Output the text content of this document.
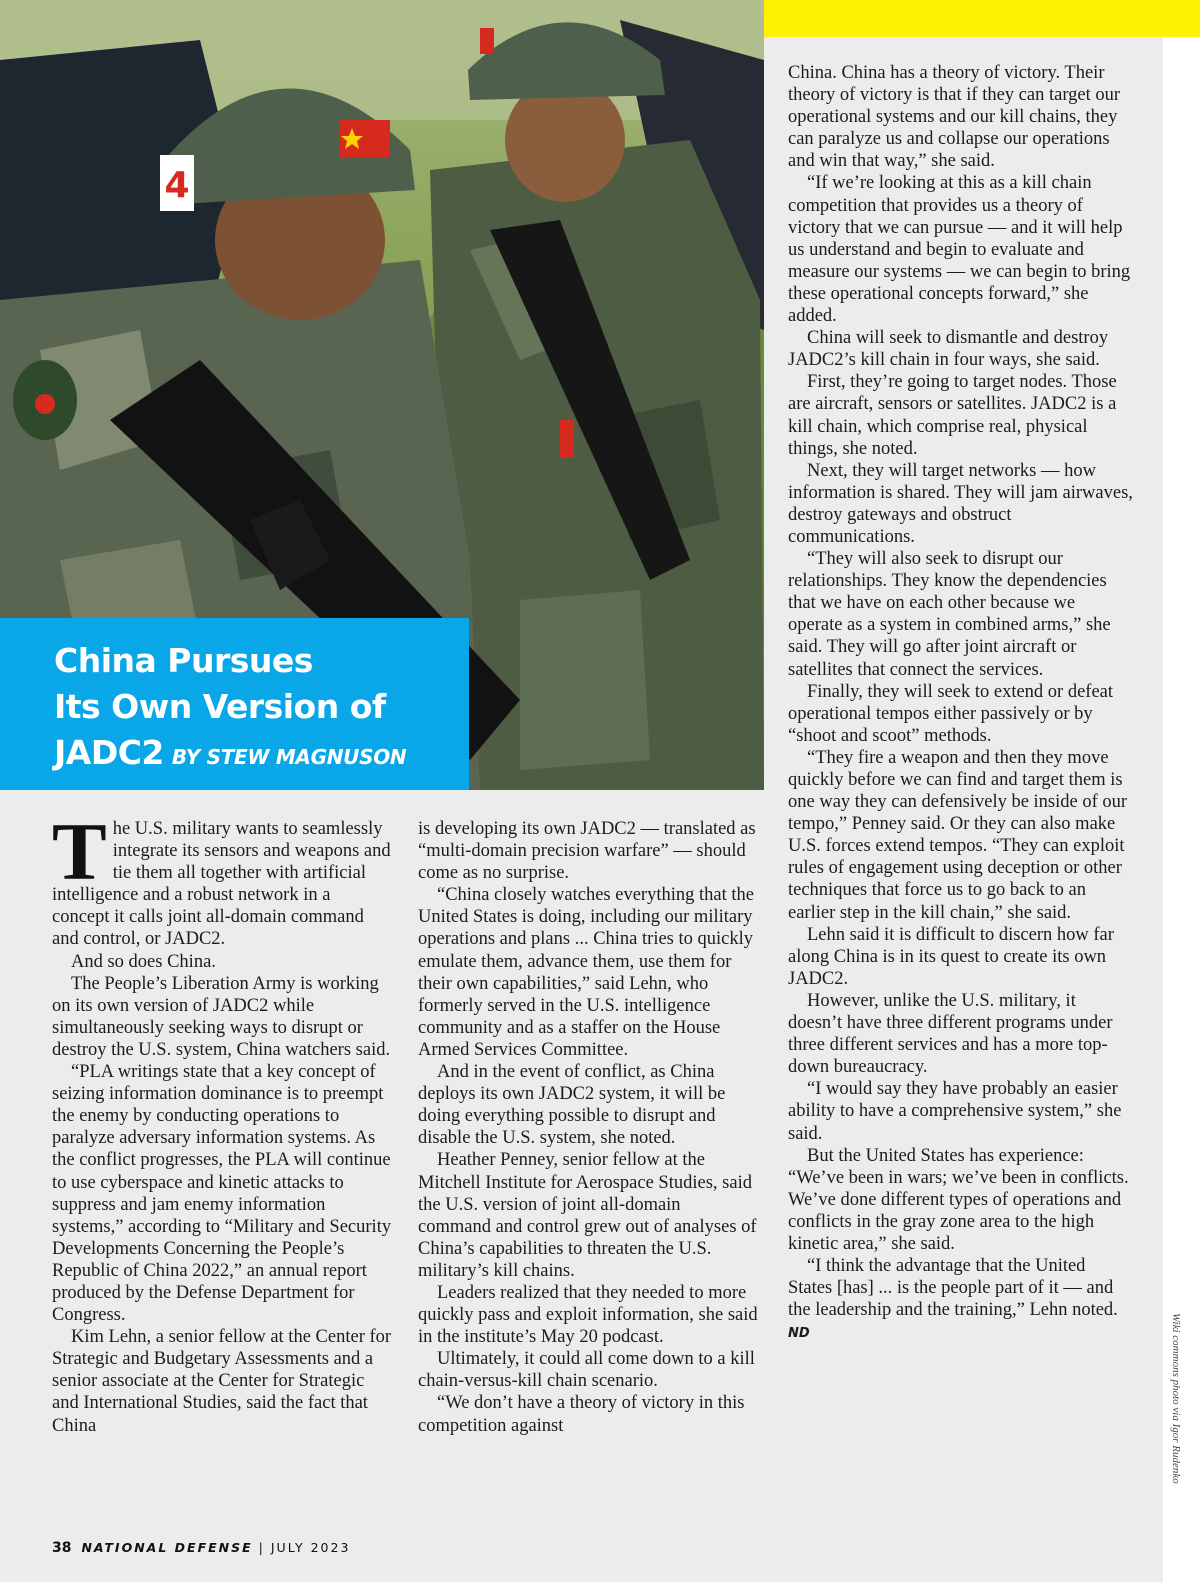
4
China Pursues
Its Own Version of
JADC2 BY STEW MAGNUSON

The U.S. military wants to seamlessly integrate its sensors and weapons and tie them all together with artificial intelligence and a robust network in a concept it calls joint all-domain command and control, or JADC2.

And so does China.

The People’s Liberation Army is working on its own version of JADC2 while simultaneously seeking ways to disrupt or destroy the U.S. system, China watchers said.

“PLA writings state that a key concept of seizing information dominance is to preempt the enemy by conducting operations to paralyze adversary information systems. As the conflict progresses, the PLA will continue to use cyberspace and kinetic attacks to suppress and jam enemy information systems,” according to “Military and Security Developments Concerning the People’s Republic of China 2022,” an annual report produced by the Defense Department for Congress.

Kim Lehn, a senior fellow at the Center for Strategic and Budgetary Assessments and a senior associate at the Center for Strategic and International Studies, said the fact that China

is developing its own JADC2 — translated as “multi-domain precision warfare” — should come as no surprise.

“China closely watches everything that the United States is doing, including our military operations and plans ... China tries to quickly emulate them, advance them, use them for their own capabilities,” said Lehn, who formerly served in the U.S. intelligence community and as a staffer on the House Armed Services Committee.

And in the event of conflict, as China deploys its own JADC2 system, it will be doing everything possible to disrupt and disable the U.S. system, she noted.

Heather Penney, senior fellow at the Mitchell Institute for Aerospace Studies, said the U.S. version of joint all-domain command and control grew out of analyses of China’s capabilities to threaten the U.S. military’s kill chains.

Leaders realized that they needed to more quickly pass and exploit information, she said in the institute’s May 20 podcast.

Ultimately, it could all come down to a kill chain-versus-kill chain scenario.

“We don’t have a theory of victory in this competition against

China. China has a theory of victory. Their theory of victory is that if they can target our operational systems and our kill chains, they can paralyze us and collapse our operations and win that way,” she said.

“If we’re looking at this as a kill chain competition that provides us a theory of victory that we can pursue — and it will help us understand and begin to evaluate and measure our systems — we can begin to bring these operational concepts forward,” she added.

China will seek to dismantle and destroy JADC2’s kill chain in four ways, she said.

First, they’re going to target nodes. Those are aircraft, sensors or satellites. JADC2 is a kill chain, which comprise real, physical things, she noted.

Next, they will target networks — how information is shared. They will jam airwaves, destroy gateways and obstruct communications.

“They will also seek to disrupt our relationships. They know the dependencies that we have on each other because we operate as a system in combined arms,” she said. They will go after joint aircraft or satellites that connect the services.

Finally, they will seek to extend or defeat operational tempos either passively or by “shoot and scoot” methods.

“They fire a weapon and then they move quickly before we can find and target them is one way they can defensively be inside of our tempo,” Penney said. Or they can also make U.S. forces extend tempos. “They can exploit rules of engagement using deception or other techniques that force us to go back to an earlier step in the kill chain,” she said.

Lehn said it is difficult to discern how far along China is in its quest to create its own JADC2.

However, unlike the U.S. military, it doesn’t have three different programs under three different services and has a more top-down bureaucracy.

“I would say they have probably an easier ability to have a comprehensive system,” she said.

But the United States has experience: “We’ve been in wars; we’ve been in conflicts. We’ve done different types of operations and conflicts in the gray zone area to the high kinetic area,” she said.

“I think the advantage that the United States [has] ... is the people part of it — and the leadership and the training,” Lehn noted. ND	Wiki commons photo via Igor Rudenko
38 NATIONAL DEFENSE | JULY 2023
